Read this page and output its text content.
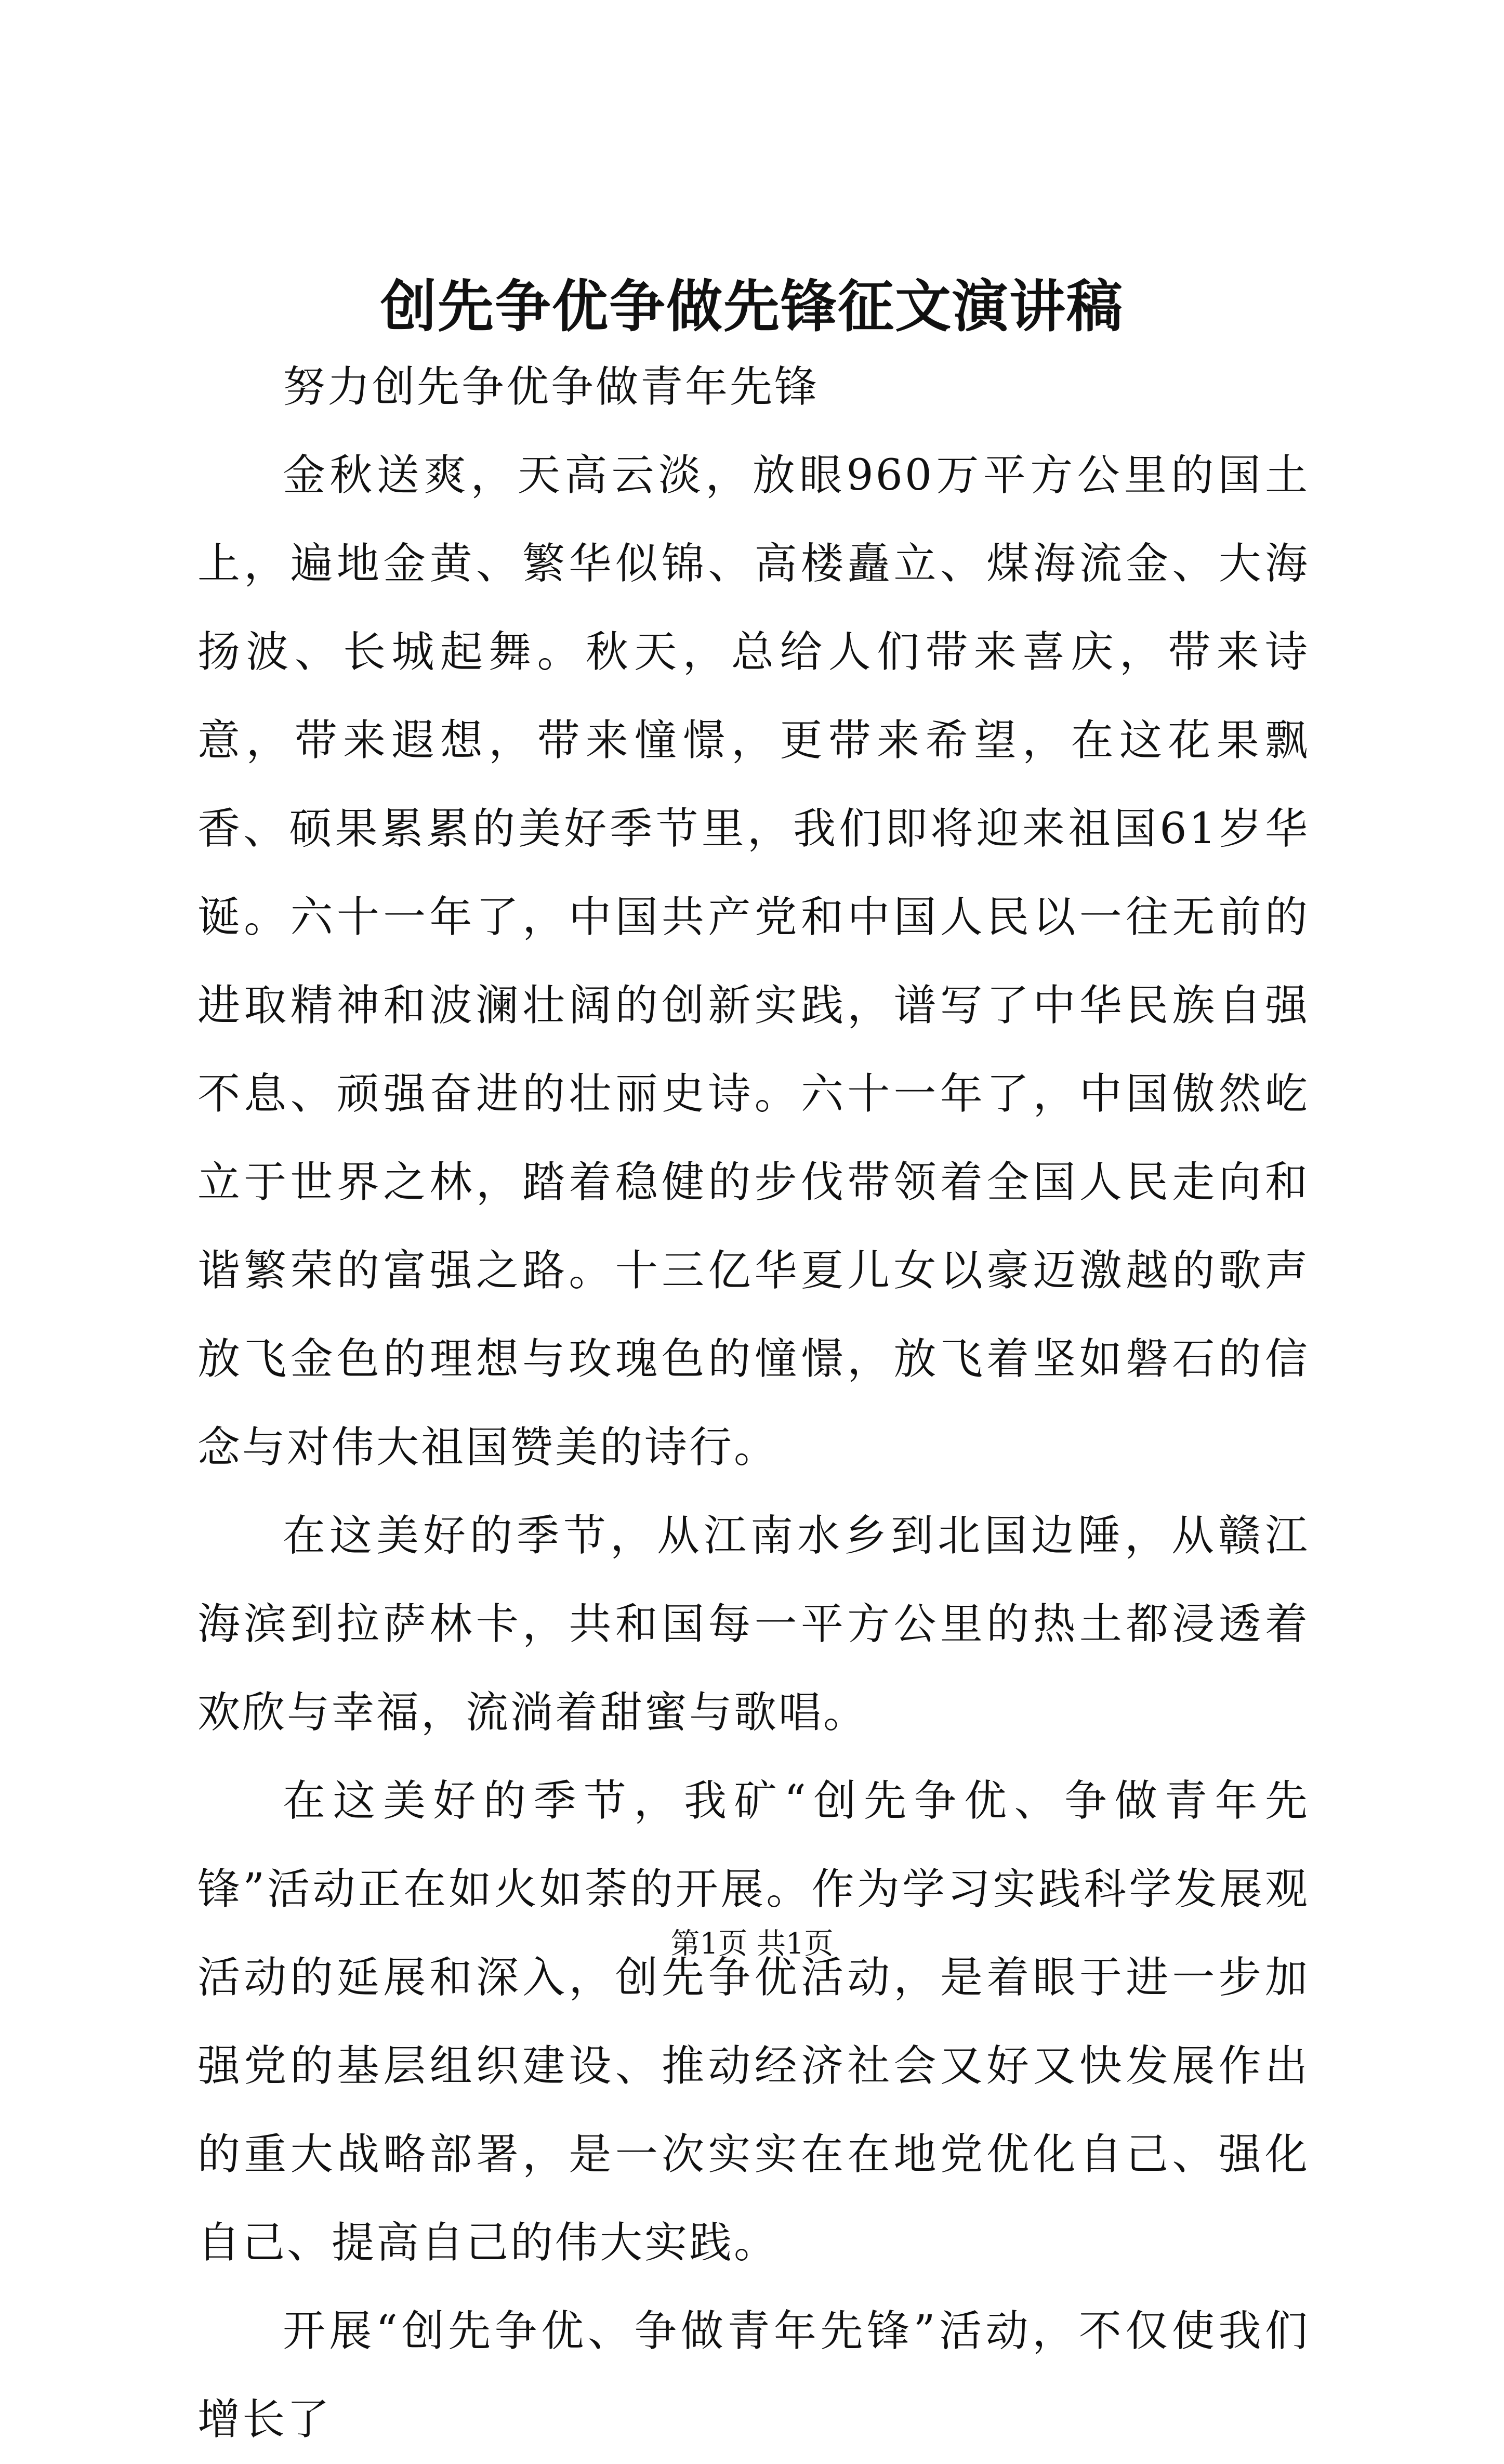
创先争优争做先锋征文演讲稿

努力创先争优争做青年先锋

金秋送爽，天高云淡，放眼960万平方公里的国土上，遍地金黄、繁华似锦、高楼矗立、煤海流金、大海扬波、长城起舞。秋天，总给人们带来喜庆，带来诗意，带来遐想，带来憧憬，更带来希望，在这花果飘香、硕果累累的美好季节里，我们即将迎来祖国61岁华诞。六十一年了，中国共产党和中国人民以一往无前的进取精神和波澜壮阔的创新实践，谱写了中华民族自强不息、顽强奋进的壮丽史诗。六十一年了，中国傲然屹立于世界之林，踏着稳健的步伐带领着全国人民走向和谐繁荣的富强之路。十三亿华夏儿女以豪迈激越的歌声放飞金色的理想与玫瑰色的憧憬，放飞着坚如磐石的信念与对伟大祖国赞美的诗行。

在这美好的季节，从江南水乡到北国边陲，从赣江海滨到拉萨林卡，共和国每一平方公里的热土都浸透着欢欣与幸福，流淌着甜蜜与歌唱。

在这美好的季节，我矿“创先争优、争做青年先锋”活动正在如火如荼的开展。作为学习实践科学发展观活动的延展和深入，创先争优活动，是着眼于进一步加强党的基层组织建设、推动经济社会又好又快发展作出的重大战略部署，是一次实实在在地党优化自己、强化自己、提高自己的伟大实践。

开展“创先争优、争做青年先锋”活动，不仅使我们增长了

第1页 共1页
